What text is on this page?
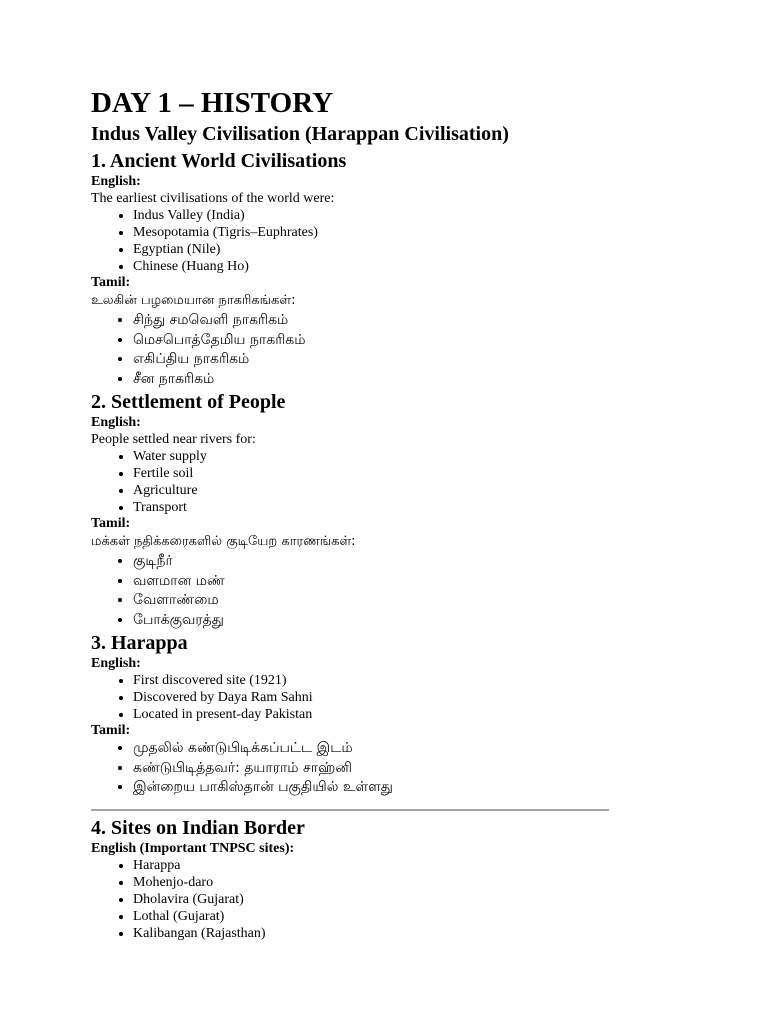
DAY 1 – HISTORY
Indus Valley Civilisation (Harappan Civilisation)
1. Ancient World Civilisations

English:

The earliest civilisations of the world were:

• Indus Valley (India)
• Mesopotamia (Tigris–Euphrates)
• Egyptian (Nile)
• Chinese (Huang Ho)

Tamil:

உலகின் பழமையான நாகரிகங்கள்:

• சிந்து சமவெளி நாகரிகம்
• மெசபொத்தேமிய நாகரிகம்
• எகிப்திய நாகரிகம்
• சீன நாகரிகம்
2. Settlement of People

English:

People settled near rivers for:

• Water supply
• Fertile soil
• Agriculture
• Transport

Tamil:

மக்கள் நதிக்கரைகளில் குடியேற காரணங்கள்:

• குடிநீர்
• வளமான மண்
• வேளாண்மை
• போக்குவரத்து
3. Harappa

English:

• First discovered site (1921)
• Discovered by Daya Ram Sahni
• Located in present-day Pakistan

Tamil:

• முதலில் கண்டுபிடிக்கப்பட்ட இடம்
• கண்டுபிடித்தவர்: தயாராம் சாஹ்னி
• இன்றைய பாகிஸ்தான் பகுதியில் உள்ளது
4. Sites on Indian Border

English (Important TNPSC sites):

• Harappa
• Mohenjo-daro
• Dholavira (Gujarat)
• Lothal (Gujarat)
• Kalibangan (Rajasthan)
